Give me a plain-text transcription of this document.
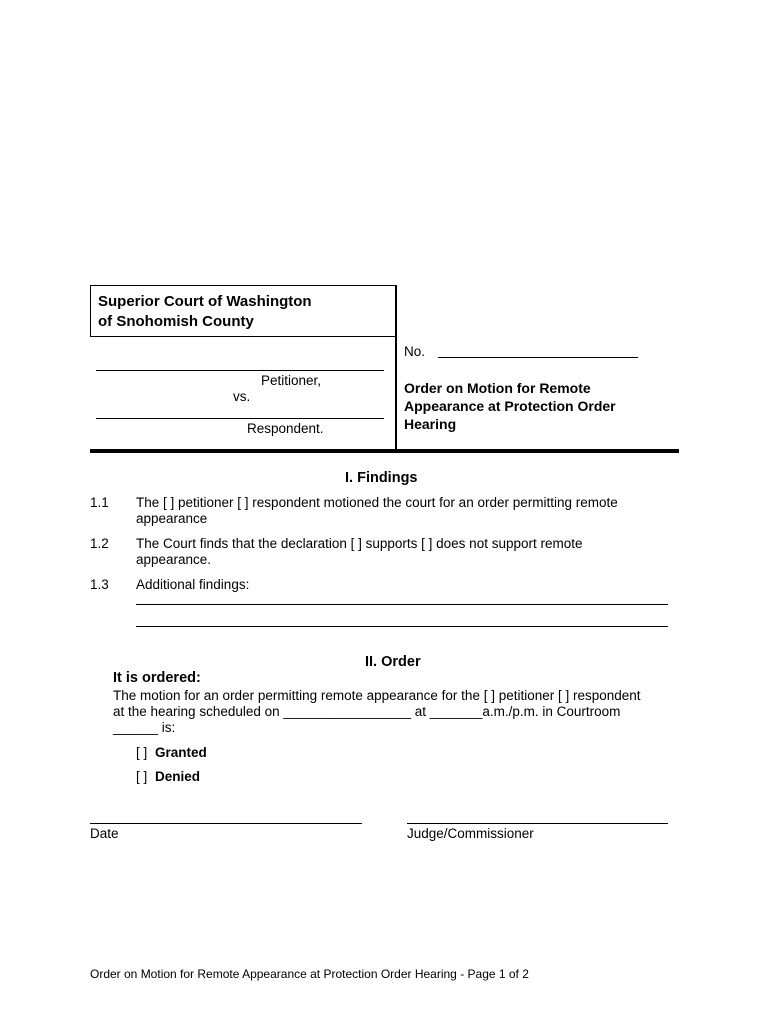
Superior Court of Washington
of Snohomish County
Petitioner,
vs.
Respondent.
No.
Order on Motion for Remote
Appearance at Protection Order
Hearing
I. Findings
1.1 The [ ] petitioner [ ] respondent motioned the court for an order permitting remote
appearance
1.2 The Court finds that the declaration [ ] supports [ ] does not support remote
appearance.
1.3 Additional findings:
II. Order
It is ordered:
The motion for an order permitting remote appearance for the [ ] petitioner [ ] respondent
at the hearing scheduled on _________________ at _______a.m./p.m. in Courtroom
______ is:
[ ] Granted
[ ] Denied
Date	Judge/Commissioner
Order on Motion for Remote Appearance at Protection Order Hearing - Page 1 of 2
